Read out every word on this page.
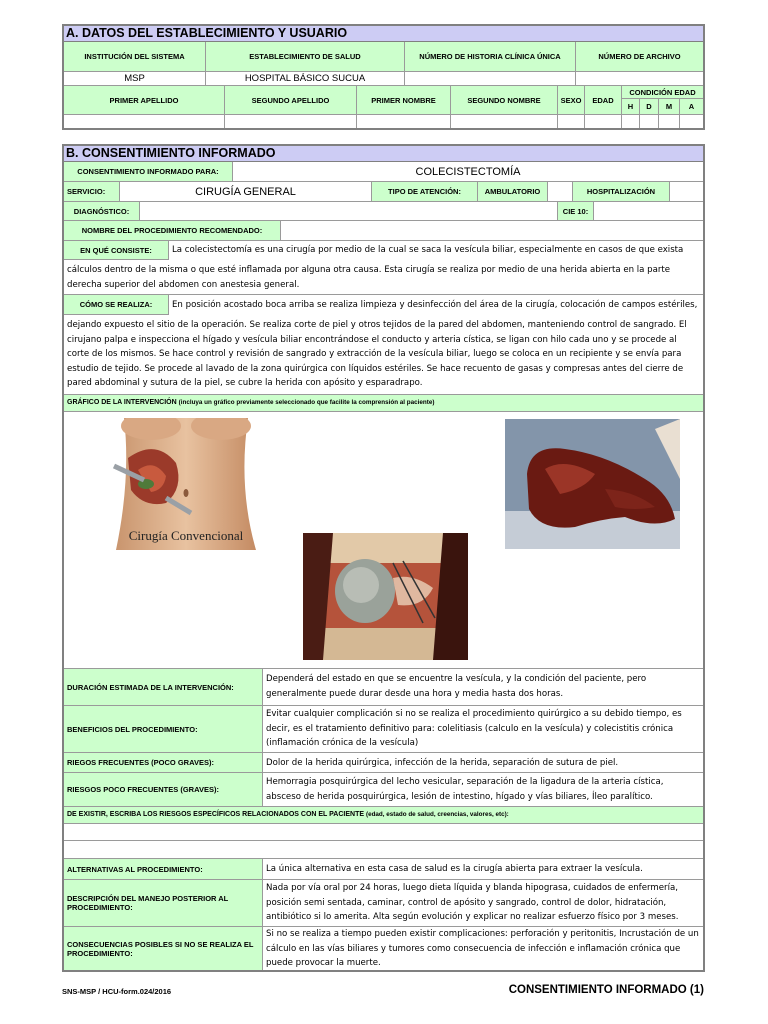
A. DATOS DEL ESTABLECIMIENTO Y USUARIO
INSTITUCIÓN DEL SISTEMA	ESTABLECIMIENTO DE SALUD	NÚMERO DE HISTORIA CLÍNICA ÚNICA	NÚMERO DE ARCHIVO
MSP	HOSPITAL BÁSICO SUCUA
PRIMER APELLIDO	SEGUNDO APELLIDO	PRIMER NOMBRE	SEGUNDO NOMBRE	SEXO	EDAD
CONDICIÓN EDAD
H	D	M	A
B. CONSENTIMIENTO INFORMADO
CONSENTIMIENTO INFORMADO PARA:	COLECISTECTOMÍA
SERVICIO:	CIRUGÍA GENERAL	TIPO DE ATENCIÓN:	AMBULATORIO	HOSPITALIZACIÓN
DIAGNÓSTICO:	CIE 10:
NOMBRE DEL PROCEDIMIENTO RECOMENDADO:
EN QUÉ CONSISTE:	La colecistectomía es una cirugía por medio de la cual se saca la vesícula biliar, especialmente en casos de que exista
cálculos dentro de la misma o que esté inflamada por alguna otra causa. Esta cirugía se realiza por medio de una herida abierta en la parte derecha superior del abdomen con anestesia general.
CÓMO SE REALIZA:	En posición acostado boca arriba se realiza limpieza y desinfección del área de la cirugía, colocación de campos estériles,
dejando expuesto el sitio de la operación. Se realiza corte de piel y otros tejidos de la pared del abdomen, manteniendo control de sangrado. El cirujano palpa e inspecciona el hígado y vesícula biliar encontrándose el conducto y arteria cística, se ligan con hilo cada uno y se procede al corte de los mismos. Se hace control y revisión de sangrado y extracción de la vesícula biliar, luego se coloca en un recipiente y se envía para estudio de tejido. Se procede al lavado de la zona quirúrgica con líquidos estériles. Se hace recuento de gasas y compresas antes del cierre de pared abdominal y sutura de la piel, se cubre la herida con apósito y esparadrapo.
GRÁFICO DE LA INTERVENCIÓN (incluya un gráfico previamente seleccionado que facilite la comprensión al paciente)
Cirugía Convencional
DURACIÓN ESTIMADA DE LA INTERVENCIÓN:
Dependerá del estado en que se encuentre la vesícula, y la condición del paciente, pero generalmente puede durar desde una hora y media hasta dos horas.
BENEFICIOS DEL PROCEDIMIENTO:
Evitar cualquier complicación si no se realiza el procedimiento quirúrgico a su debido tiempo, es decir, es el tratamiento definitivo para: colelitiasis (calculo en la vesícula) y colecistitis crónica (inflamación crónica de la vesícula)
RIEGOS FRECUENTES (POCO GRAVES):	Dolor de la herida quirúrgica, infección de la herida, separación de sutura de piel.
RIESGOS POCO FRECUENTES (GRAVES):
Hemorragia posquirúrgica del lecho vesicular, separación de la ligadura de la arteria cística, absceso de herida posquirúrgica, lesión de intestino, hígado y vías biliares, Íleo paralítico.
DE EXISTIR, ESCRIBA LOS RIESGOS ESPECÍFICOS RELACIONADOS CON EL PACIENTE (edad, estado de salud, creencias, valores, etc):
ALTERNATIVAS AL PROCEDIMIENTO:	La única alternativa en esta casa de salud es la cirugía abierta para extraer la vesícula.
DESCRIPCIÓN DEL MANEJO POSTERIOR AL PROCEDIMIENTO:
Nada por vía oral por 24 horas, luego dieta líquida y blanda hipograsa, cuidados de enfermería, posición semi sentada, caminar, control de apósito y sangrado, control de dolor, hidratación, antibiótico si lo amerita. Alta según evolución y explicar no realizar esfuerzo físico por 3 meses.
CONSECUENCIAS POSIBLES SI NO SE REALIZA EL PROCEDIMIENTO:
Si no se realiza a tiempo pueden existir complicaciones: perforación y peritonitis, Incrustación de un cálculo en las vías biliares y tumores como consecuencia de infección e inflamación crónica que puede provocar la muerte.
SNS-MSP / HCU-form.024/2016	CONSENTIMIENTO INFORMADO (1)
